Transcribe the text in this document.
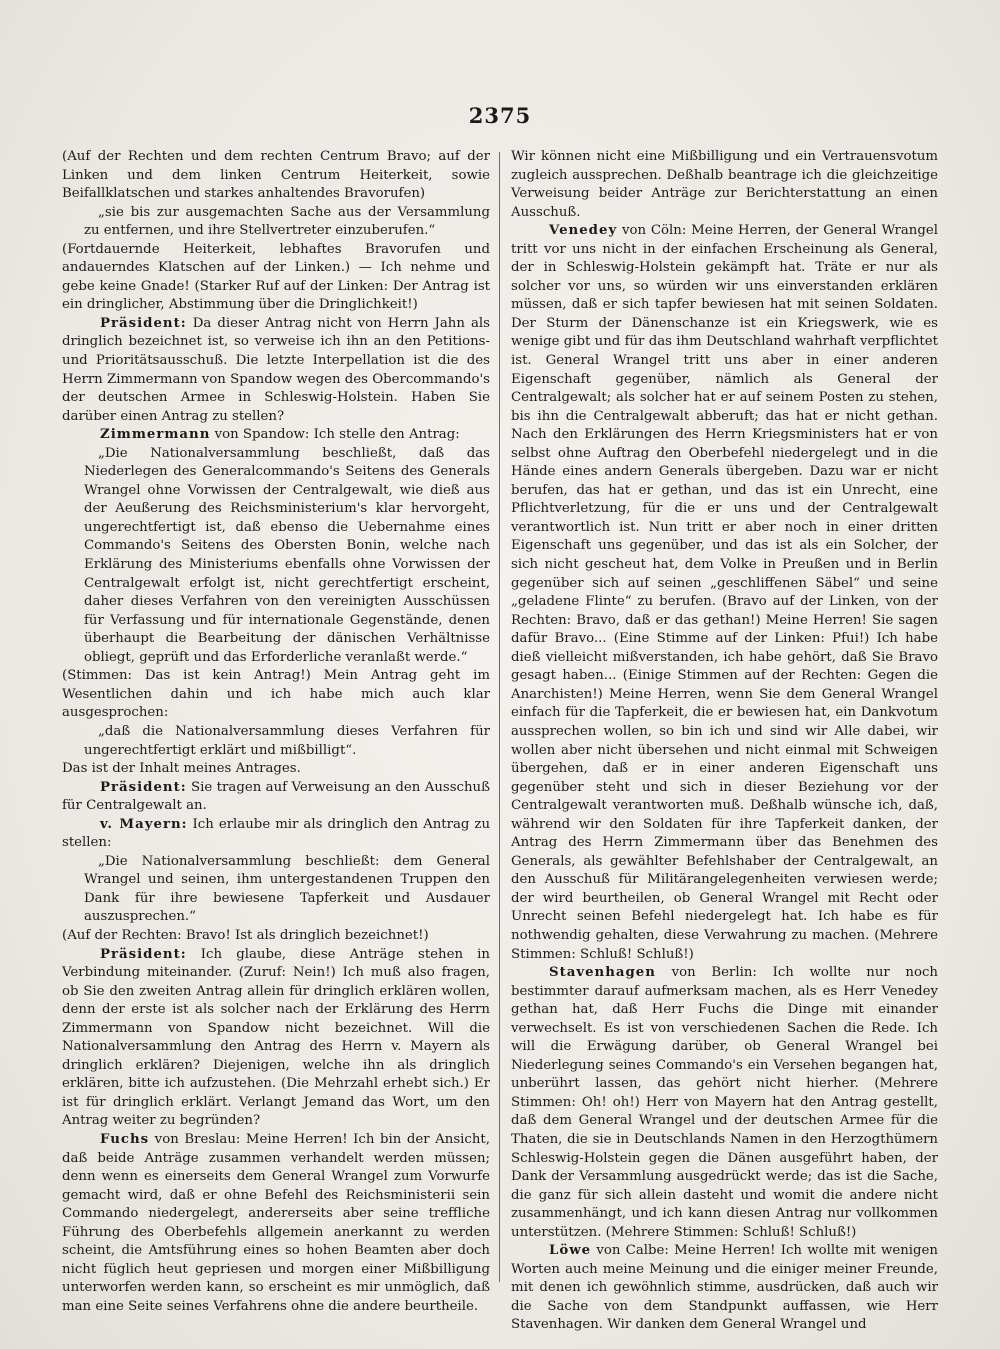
2375

(Auf der Rechten und dem rechten Centrum Bravo; auf der Linken und dem linken Centrum Heiterkeit, sowie Beifallklatschen und starkes anhaltendes Bravorufen)

„sie bis zur ausgemachten Sache aus der Versammlung zu entfernen, und ihre Stellvertreter einzuberufen.“

(Fortdauernde Heiterkeit, lebhaftes Bravorufen und andauerndes Klatschen auf der Linken.) — Ich nehme und gebe keine Gnade! (Starker Ruf auf der Linken: Der Antrag ist ein dringlicher, Abstimmung über die Dringlichkeit!)

Präsident: Da dieser Antrag nicht von Herrn Jahn als dringlich bezeichnet ist, so verweise ich ihn an den Petitions- und Prioritätsausschuß. Die letzte Interpellation ist die des Herrn Zimmermann von Spandow wegen des Obercommando's der deutschen Armee in Schleswig-Holstein. Haben Sie darüber einen Antrag zu stellen?

Zimmermann von Spandow: Ich stelle den Antrag:

„Die Nationalversammlung beschließt, daß das Niederlegen des Generalcommando's Seitens des Generals Wrangel ohne Vorwissen der Centralgewalt, wie dieß aus der Aeußerung des Reichsministerium's klar hervorgeht, ungerechtfertigt ist, daß ebenso die Uebernahme eines Commando's Seitens des Obersten Bonin, welche nach Erklärung des Ministeriums ebenfalls ohne Vorwissen der Centralgewalt erfolgt ist, nicht gerechtfertigt erscheint, daher dieses Verfahren von den vereinigten Ausschüssen für Verfassung und für internationale Gegenstände, denen überhaupt die Bearbeitung der dänischen Verhältnisse obliegt, geprüft und das Erforderliche veranlaßt werde.“

(Stimmen: Das ist kein Antrag!) Mein Antrag geht im Wesentlichen dahin und ich habe mich auch klar ausgesprochen:

„daß die Nationalversammlung dieses Verfahren für ungerechtfertigt erklärt und mißbilligt“.

Das ist der Inhalt meines Antrages.

Präsident: Sie tragen auf Verweisung an den Ausschuß für Centralgewalt an.

v. Mayern: Ich erlaube mir als dringlich den Antrag zu stellen:

„Die Nationalversammlung beschließt: dem General Wrangel und seinen, ihm untergestandenen Truppen den Dank für ihre bewiesene Tapferkeit und Ausdauer auszusprechen.“

(Auf der Rechten: Bravo! Ist als dringlich bezeichnet!)

Präsident: Ich glaube, diese Anträge stehen in Verbindung miteinander. (Zuruf: Nein!) Ich muß also fragen, ob Sie den zweiten Antrag allein für dringlich erklären wollen, denn der erste ist als solcher nach der Erklärung des Herrn Zimmermann von Spandow nicht bezeichnet. Will die Nationalversammlung den Antrag des Herrn v. Mayern als dringlich erklären? Diejenigen, welche ihn als dringlich erklären, bitte ich aufzustehen. (Die Mehrzahl erhebt sich.) Er ist für dringlich erklärt. Verlangt Jemand das Wort, um den Antrag weiter zu begründen?

Fuchs von Breslau: Meine Herren! Ich bin der Ansicht, daß beide Anträge zusammen verhandelt werden müssen; denn wenn es einerseits dem General Wrangel zum Vorwurfe gemacht wird, daß er ohne Befehl des Reichsministerii sein Commando niedergelegt, andererseits aber seine treffliche Führung des Oberbefehls allgemein anerkannt zu werden scheint, die Amtsführung eines so hohen Beamten aber doch nicht füglich heut gepriesen und morgen einer Mißbilligung unterworfen werden kann, so erscheint es mir unmöglich, daß man eine Seite seines Verfahrens ohne die andere beurtheile.

Wir können nicht eine Mißbilligung und ein Vertrauensvotum zugleich aussprechen. Deßhalb beantrage ich die gleichzeitige Verweisung beider Anträge zur Berichterstattung an einen Ausschuß.

Venedey von Cöln: Meine Herren, der General Wrangel tritt vor uns nicht in der einfachen Erscheinung als General, der in Schleswig-Holstein gekämpft hat. Träte er nur als solcher vor uns, so würden wir uns einverstanden erklären müssen, daß er sich tapfer bewiesen hat mit seinen Soldaten. Der Sturm der Dänenschanze ist ein Kriegswerk, wie es wenige gibt und für das ihm Deutschland wahrhaft verpflichtet ist. General Wrangel tritt uns aber in einer anderen Eigenschaft gegenüber, nämlich als General der Centralgewalt; als solcher hat er auf seinem Posten zu stehen, bis ihn die Centralgewalt abberuft; das hat er nicht gethan. Nach den Erklärungen des Herrn Kriegsministers hat er von selbst ohne Auftrag den Oberbefehl niedergelegt und in die Hände eines andern Generals übergeben. Dazu war er nicht berufen, das hat er gethan, und das ist ein Unrecht, eine Pflichtverletzung, für die er uns und der Centralgewalt verantwortlich ist. Nun tritt er aber noch in einer dritten Eigenschaft uns gegenüber, und das ist als ein Solcher, der sich nicht gescheut hat, dem Volke in Preußen und in Berlin gegenüber sich auf seinen „geschliffenen Säbel“ und seine „geladene Flinte“ zu berufen. (Bravo auf der Linken, von der Rechten: Bravo, daß er das gethan!) Meine Herren! Sie sagen dafür Bravo... (Eine Stimme auf der Linken: Pfui!) Ich habe dieß vielleicht mißverstanden, ich habe gehört, daß Sie Bravo gesagt haben... (Einige Stimmen auf der Rechten: Gegen die Anarchisten!) Meine Herren, wenn Sie dem General Wrangel einfach für die Tapferkeit, die er bewiesen hat, ein Dankvotum aussprechen wollen, so bin ich und sind wir Alle dabei, wir wollen aber nicht übersehen und nicht einmal mit Schweigen übergehen, daß er in einer anderen Eigenschaft uns gegenüber steht und sich in dieser Beziehung vor der Centralgewalt verantworten muß. Deßhalb wünsche ich, daß, während wir den Soldaten für ihre Tapferkeit danken, der Antrag des Herrn Zimmermann über das Benehmen des Generals, als gewählter Befehlshaber der Centralgewalt, an den Ausschuß für Militärangelegenheiten verwiesen werde; der wird beurtheilen, ob General Wrangel mit Recht oder Unrecht seinen Befehl niedergelegt hat. Ich habe es für nothwendig gehalten, diese Verwahrung zu machen. (Mehrere Stimmen: Schluß! Schluß!)

Stavenhagen von Berlin: Ich wollte nur noch bestimmter darauf aufmerksam machen, als es Herr Venedey gethan hat, daß Herr Fuchs die Dinge mit einander verwechselt. Es ist von verschiedenen Sachen die Rede. Ich will die Erwägung darüber, ob General Wrangel bei Niederlegung seines Commando's ein Versehen begangen hat, unberührt lassen, das gehört nicht hierher. (Mehrere Stimmen: Oh! oh!) Herr von Mayern hat den Antrag gestellt, daß dem General Wrangel und der deutschen Armee für die Thaten, die sie in Deutschlands Namen in den Herzogthümern Schleswig-Holstein gegen die Dänen ausgeführt haben, der Dank der Versammlung ausgedrückt werde; das ist die Sache, die ganz für sich allein dasteht und womit die andere nicht zusammenhängt, und ich kann diesen Antrag nur vollkommen unterstützen. (Mehrere Stimmen: Schluß! Schluß!)

Löwe von Calbe: Meine Herren! Ich wollte mit wenigen Worten auch meine Meinung und die einiger meiner Freunde, mit denen ich gewöhnlich stimme, ausdrücken, daß auch wir die Sache von dem Standpunkt auffassen, wie Herr Stavenhagen. Wir danken dem General Wrangel und
